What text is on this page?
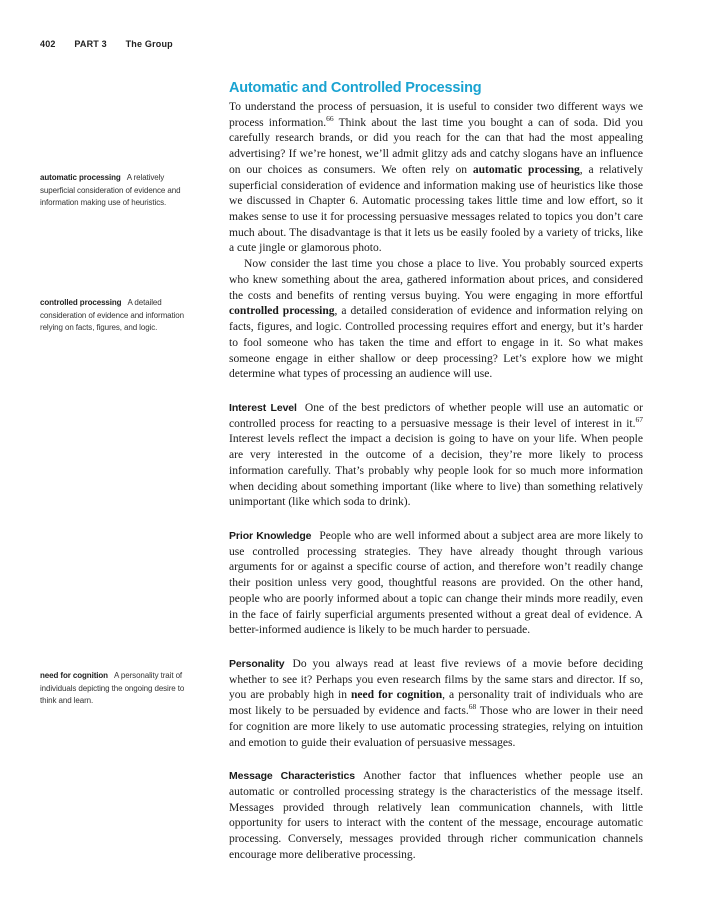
402 PART 3 The Group
automatic processing A relatively superficial consideration of evidence and information making use of heuristics.
controlled processing A detailed consideration of evidence and information relying on facts, figures, and logic.
need for cognition A personality trait of individuals depicting the ongoing desire to think and learn.
Automatic and Controlled Processing

To understand the process of persuasion, it is useful to consider two different ways we process information.$^{66}$ Think about the last time you bought a can of soda. Did you carefully research brands, or did you reach for the can that had the most appealing advertising? If we’re honest, we’ll admit glitzy ads and catchy slogans have an influence on our choices as consumers. We often rely on automatic processing, a relatively superficial consideration of evidence and information making use of heuristics like those we discussed in Chapter 6. Automatic processing takes little time and low effort, so it makes sense to use it for processing persuasive messages related to topics you don’t care much about. The disadvantage is that it lets us be easily fooled by a variety of tricks, like a cute jingle or glamorous photo.

Now consider the last time you chose a place to live. You probably sourced experts who knew something about the area, gathered information about prices, and considered the costs and benefits of renting versus buying. You were engaging in more effortful controlled processing, a detailed consideration of evidence and information relying on facts, figures, and logic. Controlled processing requires effort and energy, but it’s harder to fool someone who has taken the time and effort to engage in it. So what makes someone engage in either shallow or deep processing? Let’s explore how we might determine what types of processing an audience will use.

Interest Level One of the best predictors of whether people will use an automatic or controlled process for reacting to a persuasive message is their level of interest in it.$^{67}$ Interest levels reflect the impact a decision is going to have on your life. When people are very interested in the outcome of a decision, they’re more likely to process information carefully. That’s probably why people look for so much more information when deciding about something important (like where to live) than something relatively unimportant (like which soda to drink).

Prior Knowledge People who are well informed about a subject area are more likely to use controlled processing strategies. They have already thought through various arguments for or against a specific course of action, and therefore won’t readily change their position unless very good, thoughtful reasons are provided. On the other hand, people who are poorly informed about a topic can change their minds more readily, even in the face of fairly superficial arguments presented without a great deal of evidence. A better-informed audience is likely to be much harder to persuade.

Personality Do you always read at least five reviews of a movie before deciding whether to see it? Perhaps you even research films by the same stars and director. If so, you are probably high in need for cognition, a personality trait of individuals who are most likely to be persuaded by evidence and facts.$^{68}$ Those who are lower in their need for cognition are more likely to use automatic processing strategies, relying on intuition and emotion to guide their evaluation of persuasive messages.

Message Characteristics Another factor that influences whether people use an automatic or controlled processing strategy is the characteristics of the message itself. Messages provided through relatively lean communication channels, with little opportunity for users to interact with the content of the message, encourage automatic processing. Conversely, messages provided through richer communication channels encourage more deliberative processing.
